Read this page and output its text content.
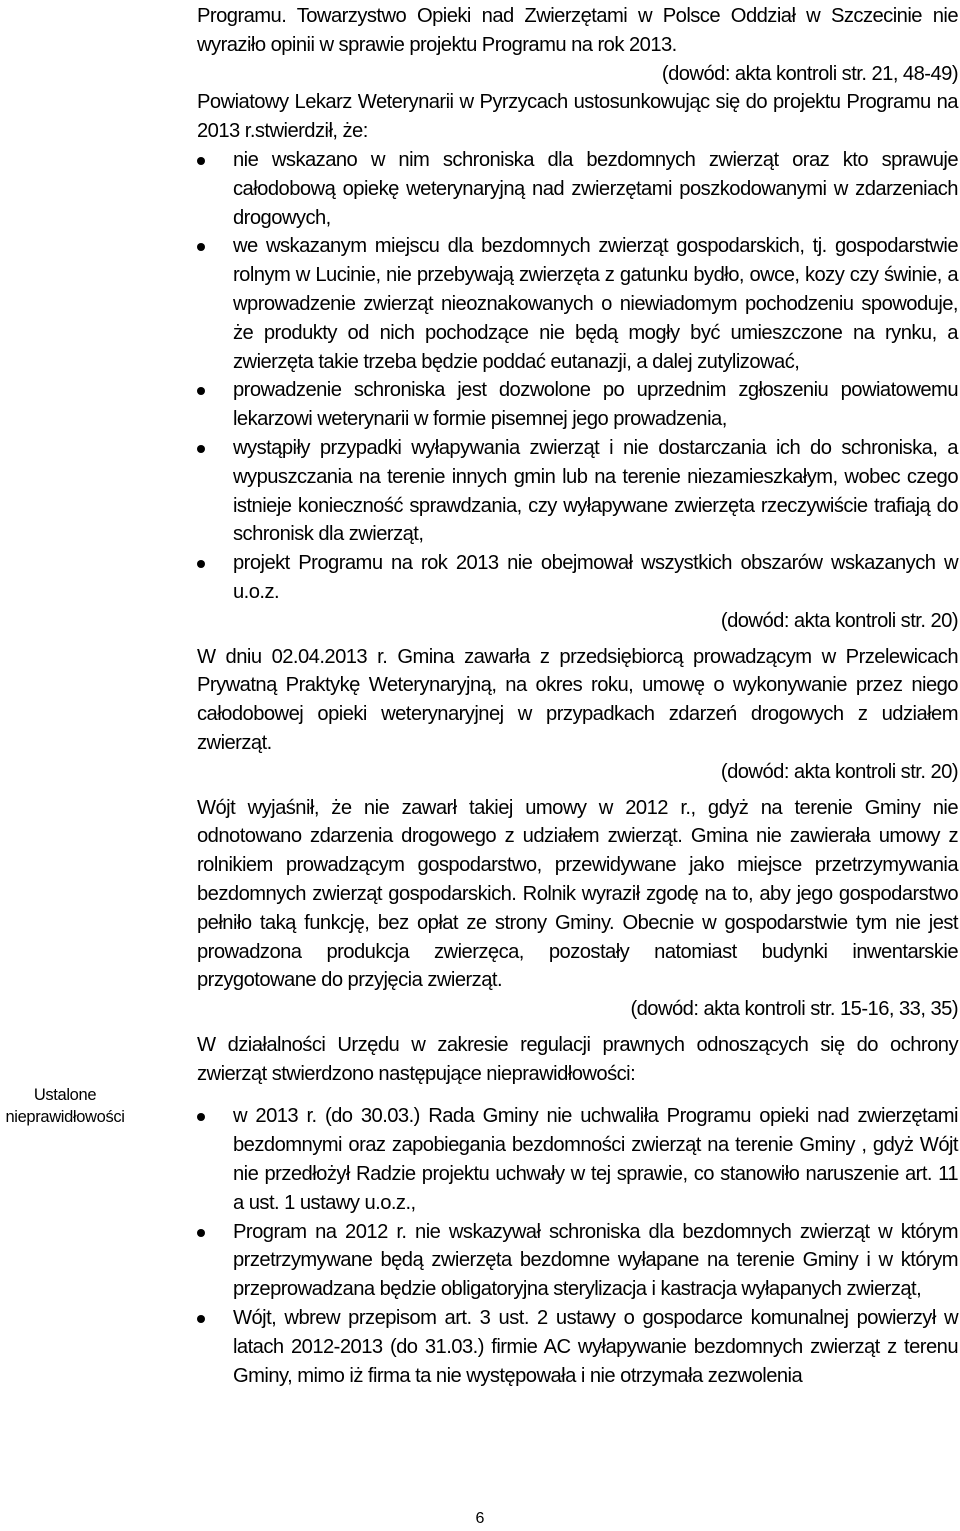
Ustalone
nieprawidłowości

Programu. Towarzystwo Opieki nad Zwierzętami w Polsce Oddział w Szczecinie nie wyraziło opinii w sprawie projektu Programu na rok 2013.

(dowód: akta kontroli str. 21, 48-49)

Powiatowy Lekarz Weterynarii w Pyrzycach ustosunkowując się do projektu Programu na 2013 r.stwierdził, że:

nie wskazano w nim schroniska dla bezdomnych zwierząt oraz kto sprawuje całodobową opiekę weterynaryjną nad zwierzętami poszkodowanymi w zdarzeniach drogowych,
we wskazanym miejscu dla bezdomnych zwierząt gospodarskich, tj. gospodarstwie rolnym w Lucinie, nie przebywają zwierzęta z gatunku bydło, owce, kozy czy świnie, a wprowadzenie zwierząt nieoznakowanych o niewiadomym pochodzeniu spowoduje, że produkty od nich pochodzące nie będą mogły być umieszczone na rynku, a zwierzęta takie trzeba będzie poddać eutanazji, a dalej zutylizować,
prowadzenie schroniska jest dozwolone po uprzednim zgłoszeniu powiatowemu lekarzowi weterynarii w formie pisemnej jego prowadzenia,
wystąpiły przypadki wyłapywania zwierząt i nie dostarczania ich do schroniska, a wypuszczania na terenie innych gmin lub na terenie niezamieszkałym, wobec czego istnieje konieczność sprawdzania, czy wyłapywane zwierzęta rzeczywiście trafiają do schronisk dla zwierząt,
projekt Programu na rok 2013 nie obejmował wszystkich obszarów wskazanych w u.o.z.

(dowód: akta kontroli str. 20)

W dniu 02.04.2013 r. Gmina zawarła z przedsiębiorcą prowadzącym w Przelewicach Prywatną Praktykę Weterynaryjną, na okres roku, umowę o wykonywanie przez niego całodobowej opieki weterynaryjnej w przypadkach zdarzeń drogowych z udziałem zwierząt.

(dowód: akta kontroli str. 20)

Wójt wyjaśnił, że nie zawarł takiej umowy w 2012 r., gdyż na terenie Gminy nie odnotowano zdarzenia drogowego z udziałem zwierząt. Gmina nie zawierała umowy z rolnikiem prowadzącym gospodarstwo, przewidywane jako miejsce przetrzymywania bezdomnych zwierząt gospodarskich. Rolnik wyraził zgodę na to, aby jego gospodarstwo pełniło taką funkcję, bez opłat ze strony Gminy. Obecnie w gospodarstwie tym nie jest prowadzona produkcja zwierzęca, pozostały natomiast budynki inwentarskie przygotowane do przyjęcia zwierząt.

(dowód: akta kontroli str. 15-16, 33, 35)

W działalności Urzędu w zakresie regulacji prawnych odnoszących się do ochrony zwierząt stwierdzono następujące nieprawidłowości:

w 2013 r. (do 30.03.) Rada Gminy nie uchwaliła Programu opieki nad zwierzętami bezdomnymi oraz zapobiegania bezdomności zwierząt na terenie Gminy , gdyż Wójt nie przedłożył Radzie projektu uchwały w tej sprawie, co stanowiło naruszenie art. 11 a ust. 1 ustawy u.o.z.,
Program na 2012 r. nie wskazywał schroniska dla bezdomnych zwierząt w którym przetrzymywane będą zwierzęta bezdomne wyłapane na terenie Gminy i w którym przeprowadzana będzie obligatoryjna sterylizacja i kastracja wyłapanych zwierząt,
Wójt, wbrew przepisom art. 3 ust. 2 ustawy o gospodarce komunalnej powierzył w latach 2012-2013 (do 31.03.) firmie AC wyłapywanie bezdomnych zwierząt z terenu Gminy, mimo iż firma ta nie występowała i nie otrzymała zezwolenia
6
